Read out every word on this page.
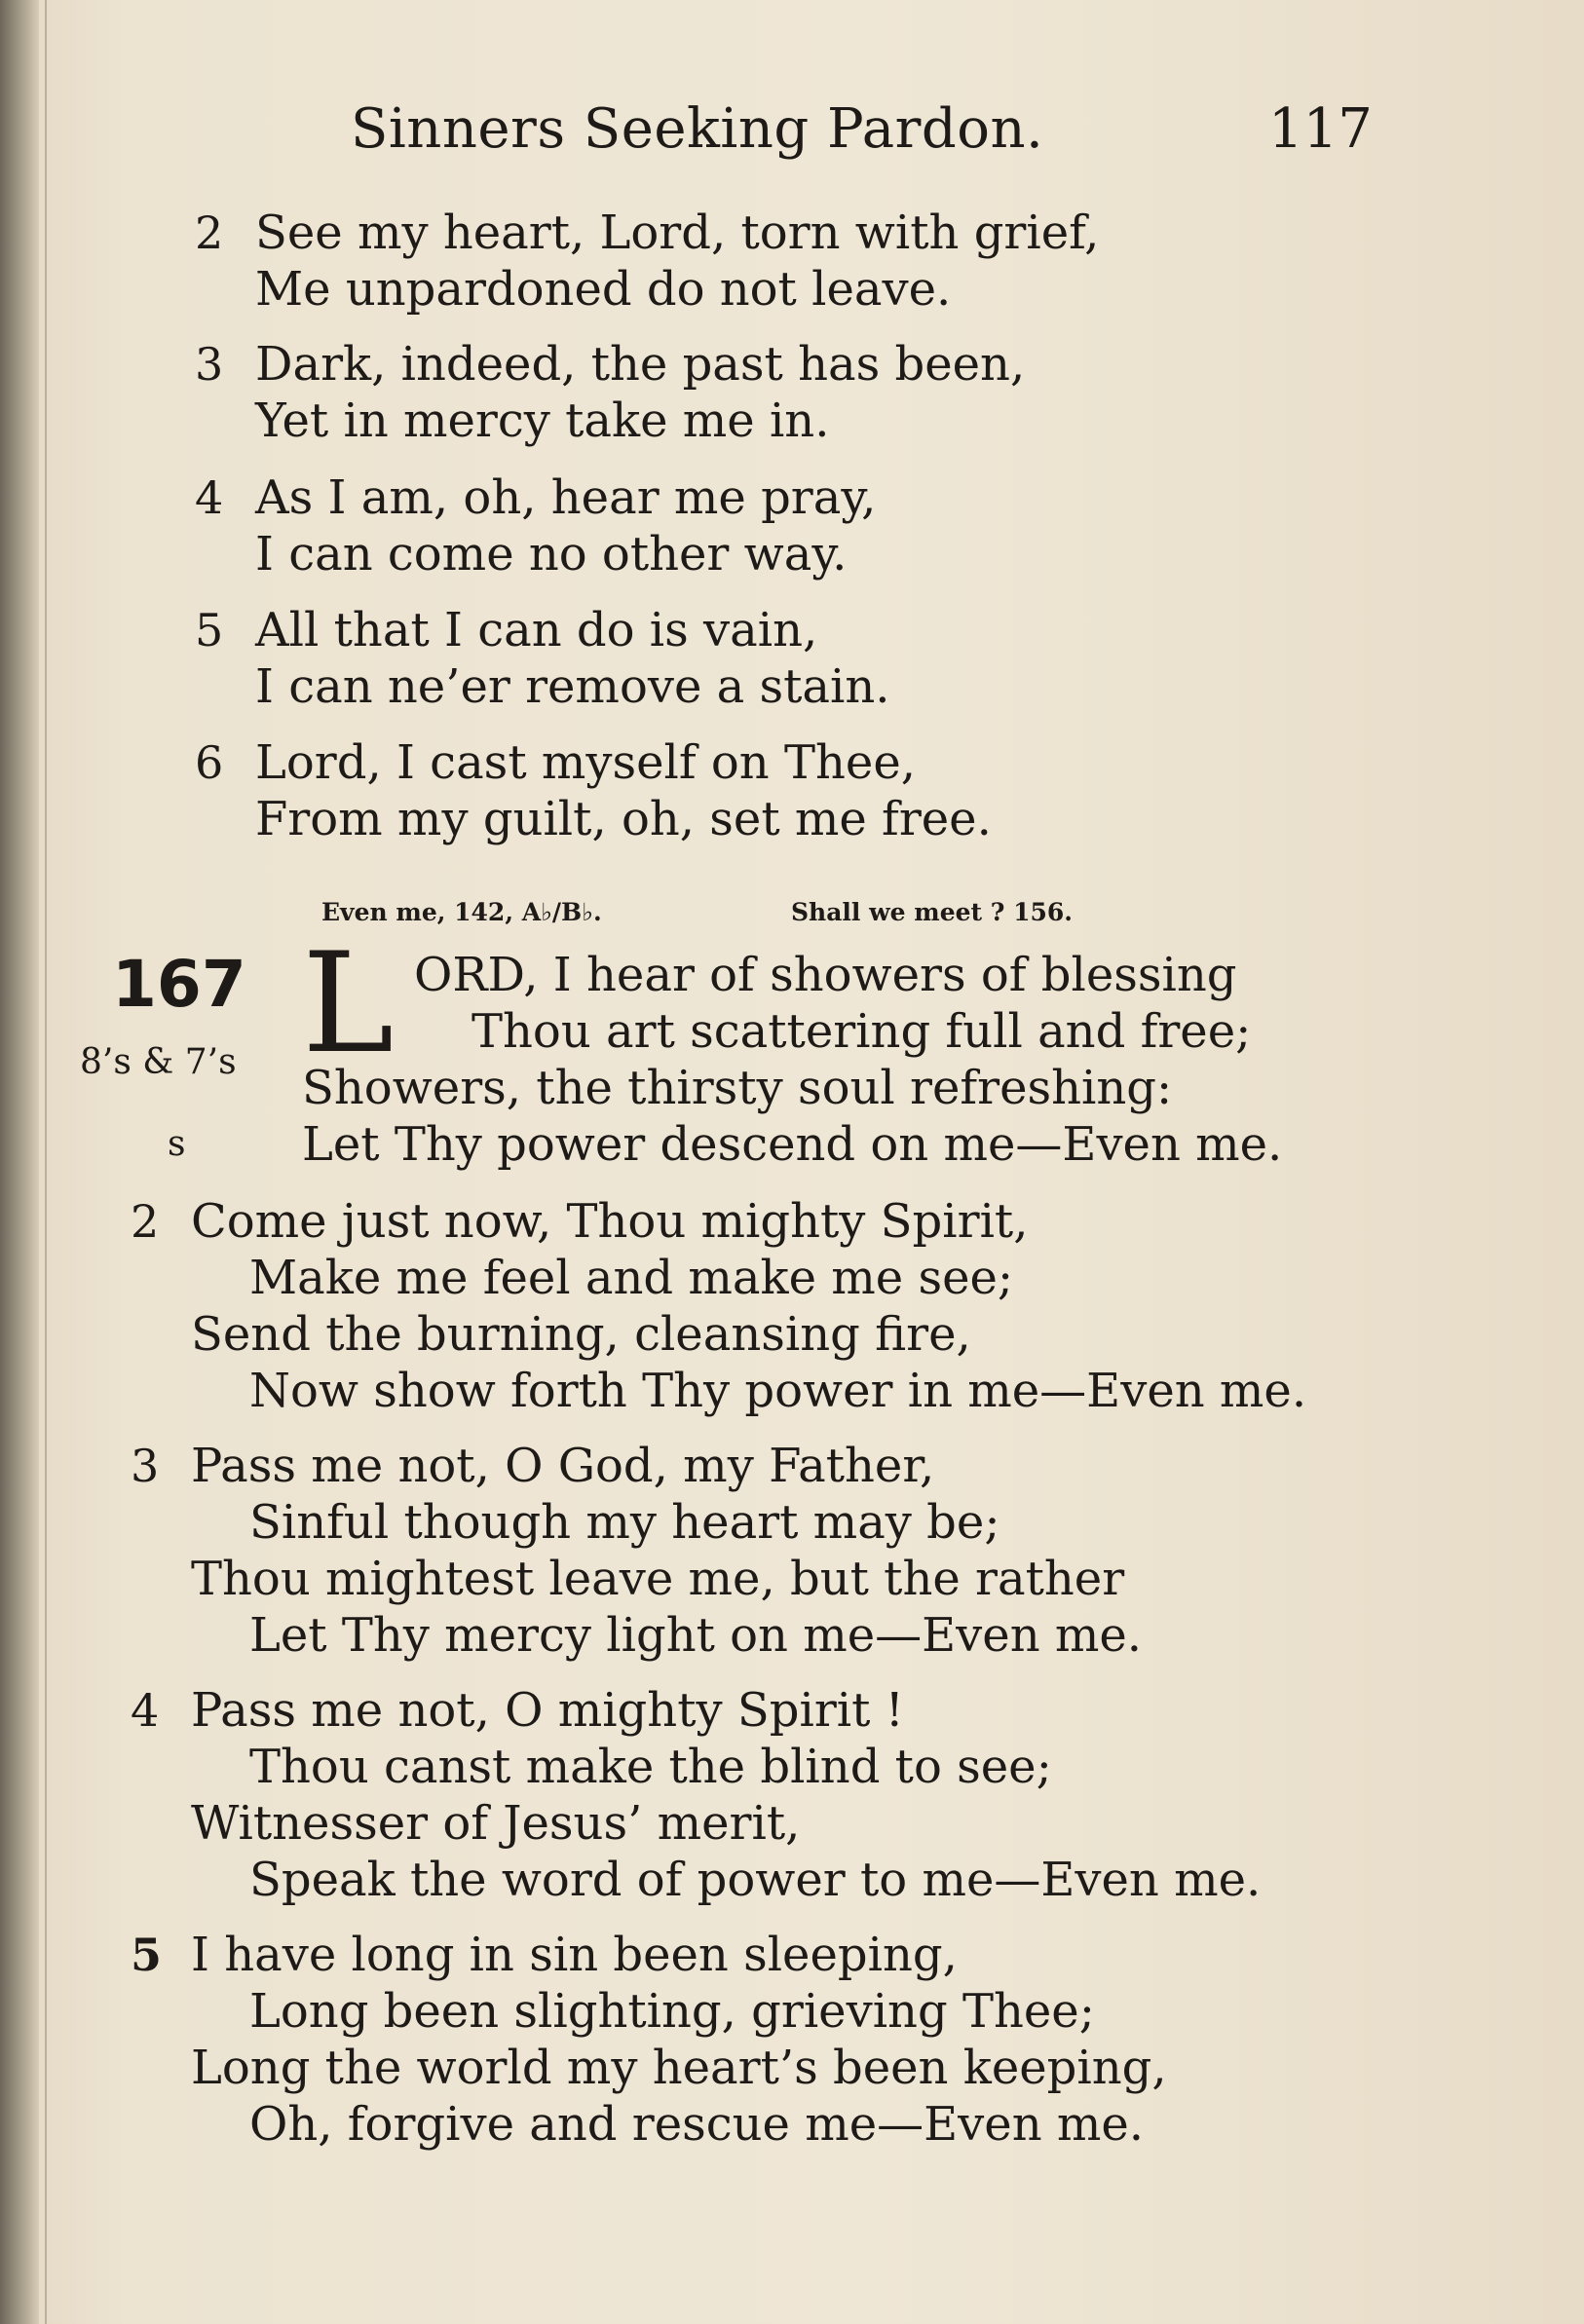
Sinners Seeking Pardon.	117
2 See my heart, Lord, torn with grief,
Me unpardoned do not leave.
3 Dark, indeed, the past has been,
Yet in mercy take me in.
4 As I am, oh, hear me pray,
I can come no other way.
5 All that I can do is vain,
I can ne’er remove a stain.
6 Lord, I cast myself on Thee,
From my guilt, oh, set me free.
Even me, 142, A♭/B♭.	Shall we meet ? 156.
167
8’s & 7’s
s
L ORD, I hear of showers of blessing
Thou art scattering full and free;
Showers, the thirsty soul refreshing:
Let Thy power descend on me—Even me.
2 Come just now, Thou mighty Spirit,
Make me feel and make me see;
Send the burning, cleansing fire,
Now show forth Thy power in me—Even me.
3 Pass me not, O God, my Father,
Sinful though my heart may be;
Thou mightest leave me, but the rather
Let Thy mercy light on me—Even me.
4 Pass me not, O mighty Spirit !
Thou canst make the blind to see;
Witnesser of Jesus’ merit,
Speak the word of power to me—Even me.
5 I have long in sin been sleeping,
Long been slighting, grieving Thee;
Long the world my heart’s been keeping,
Oh, forgive and rescue me—Even me.
